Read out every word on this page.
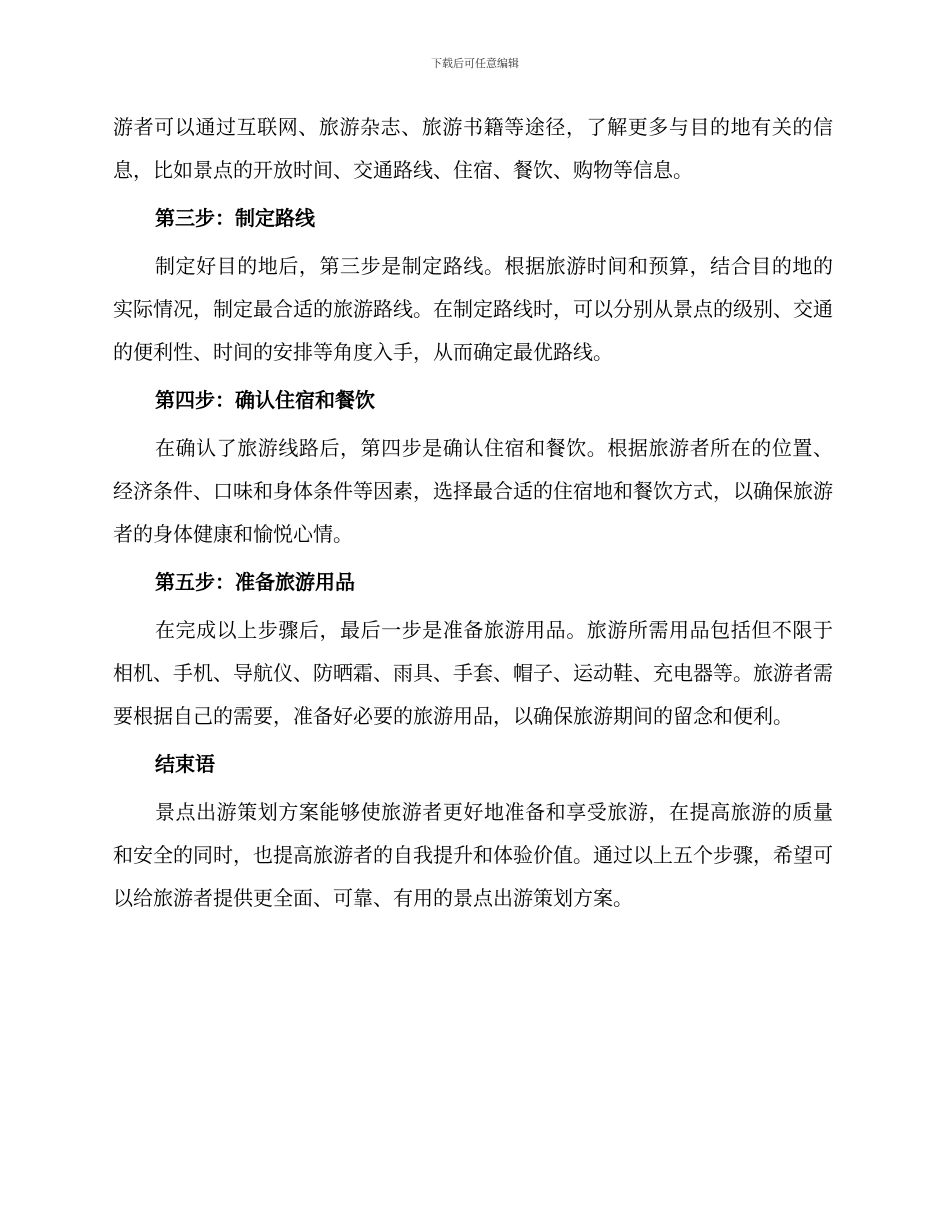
下载后可任意编辑

游者可以通过互联网、旅游杂志、旅游书籍等途径，了解更多与目的地有关的信息，比如景点的开放时间、交通路线、住宿、餐饮、购物等信息。

第三步：制定路线

制定好目的地后，第三步是制定路线。根据旅游时间和预算，结合目的地的实际情况，制定最合适的旅游路线。在制定路线时，可以分别从景点的级别、交通的便利性、时间的安排等角度入手，从而确定最优路线。

第四步：确认住宿和餐饮

在确认了旅游线路后，第四步是确认住宿和餐饮。根据旅游者所在的位置、经济条件、口味和身体条件等因素，选择最合适的住宿地和餐饮方式，以确保旅游者的身体健康和愉悦心情。

第五步：准备旅游用品

在完成以上步骤后，最后一步是准备旅游用品。旅游所需用品包括但不限于相机、手机、导航仪、防晒霜、雨具、手套、帽子、运动鞋、充电器等。旅游者需要根据自己的需要，准备好必要的旅游用品，以确保旅游期间的留念和便利。

结束语

景点出游策划方案能够使旅游者更好地准备和享受旅游，在提高旅游的质量和安全的同时，也提高旅游者的自我提升和体验价值。通过以上五个步骤，希望可以给旅游者提供更全面、可靠、有用的景点出游策划方案。
